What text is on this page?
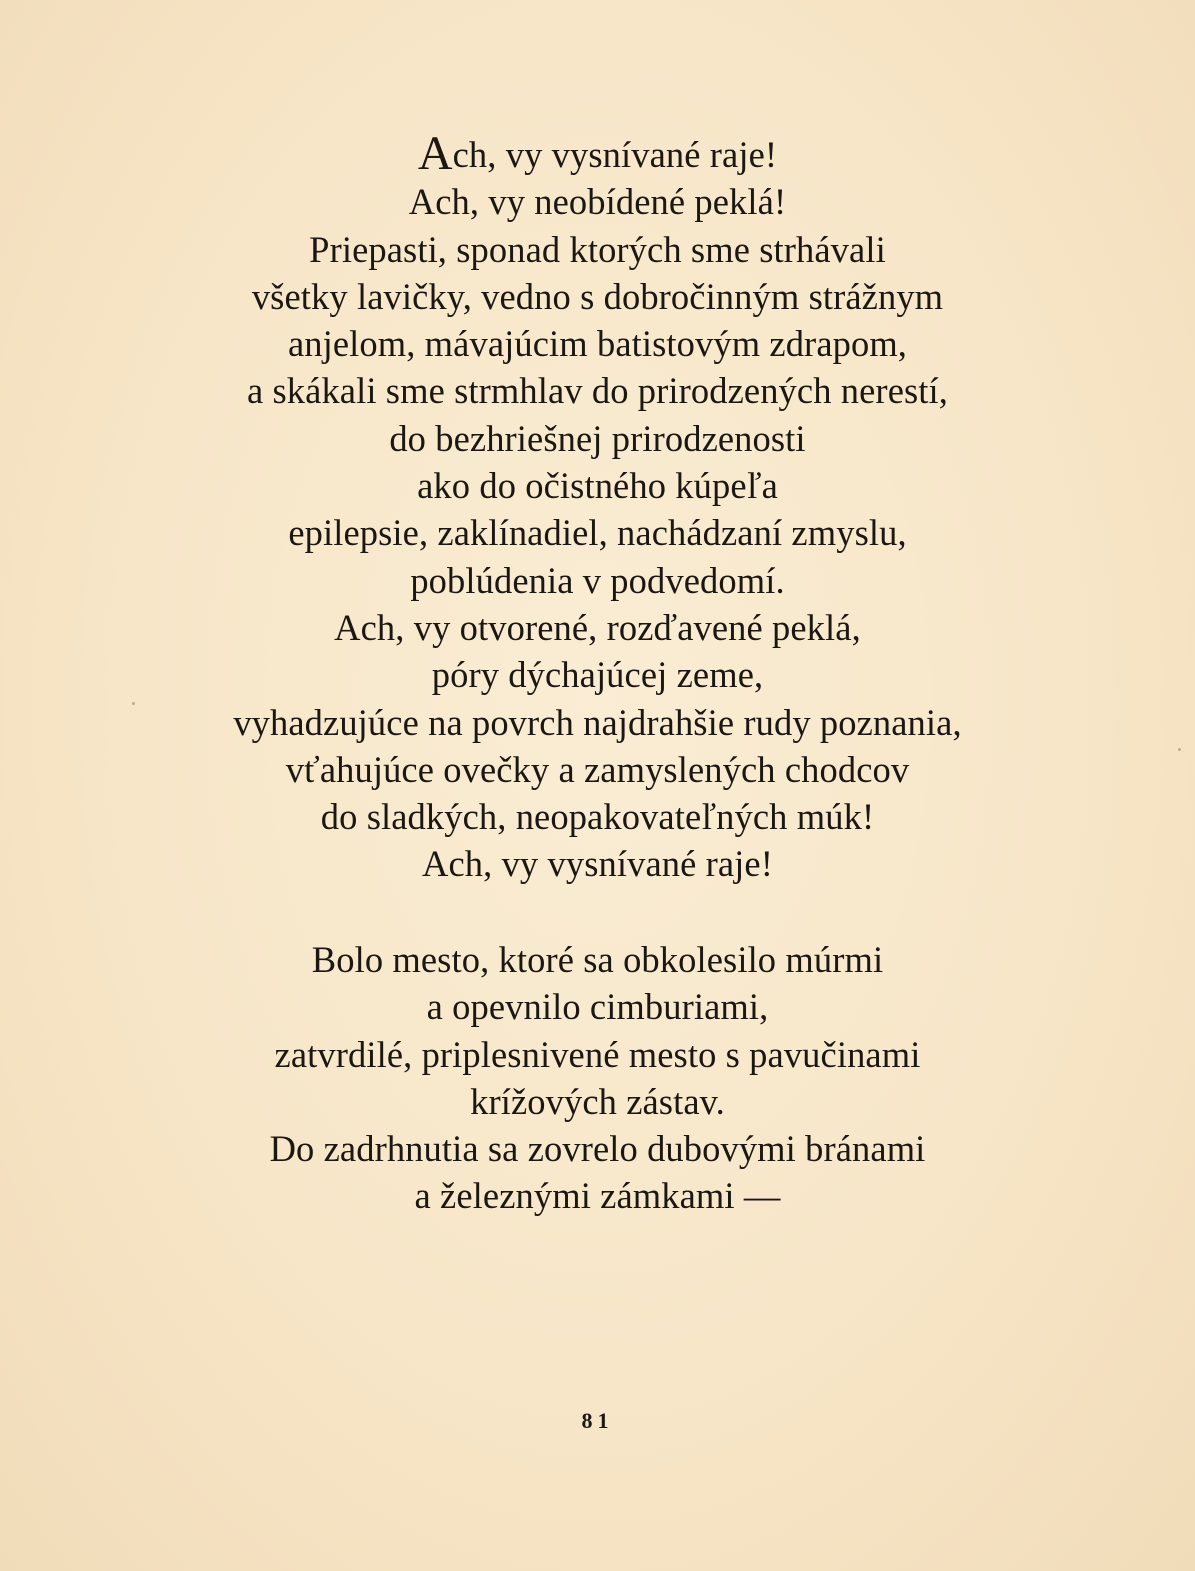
Ach, vy vysnívané raje!
Ach, vy neobídené peklá!
Priepasti, sponad ktorých sme strhávali
všetky lavičky, vedno s dobročinným strážnym
anjelom, mávajúcim batistovým zdrapom,
a skákali sme strmhlav do prirodzených nerestí,
do bezhriešnej prirodzenosti
ako do očistného kúpeľa
epilepsie, zaklínadiel, nachádzaní zmyslu,
poblúdenia v podvedomí.
Ach, vy otvorené, rozďavené peklá,
póry dýchajúcej zeme,
vyhadzujúce na povrch najdrahšie rudy poznania,
vťahujúce ovečky a zamyslených chodcov
do sladkých, neopakovateľných múk!
Ach, vy vysnívané raje!
Bolo mesto, ktoré sa obkolesilo múrmi
a opevnilo cimburiami,
zatvrdilé, priplesnivené mesto s pavučinami
krížových zástav.
Do zadrhnutia sa zovrelo dubovými bránami
a železnými zámkami —
81
